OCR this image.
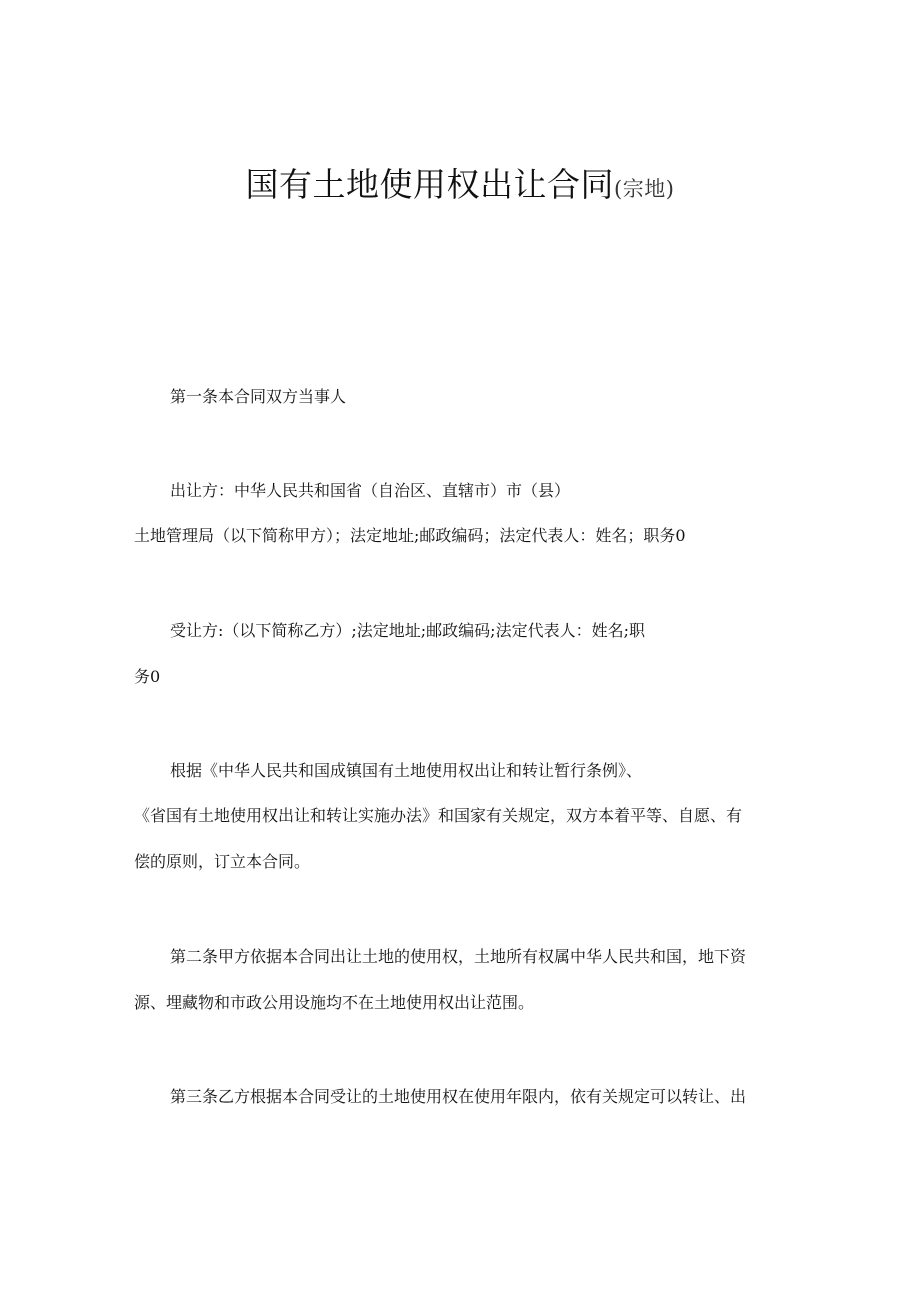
国有土地使用权出让合同(宗地)
第一条本合同双方当事人
出让方：中华人民共和国省（自治区、直辖市）市（县）
土地管理局（以下简称甲方）；法定地址;邮政编码；法定代表人：姓名；职务0
受让方:（以下简称乙方）;法定地址;邮政编码;法定代表人：姓名;职
务0
根据《中华人民共和国成镇国有土地使用权出让和转让暂行条例》、
《省国有土地使用权出让和转让实施办法》和国家有关规定，双方本着平等、自愿、有
偿的原则，订立本合同。
第二条甲方依据本合同出让土地的使用权，土地所有权属中华人民共和国，地下资
源、埋藏物和市政公用设施均不在土地使用权出让范围。
第三条乙方根据本合同受让的土地使用权在使用年限内，依有关规定可以转让、出
